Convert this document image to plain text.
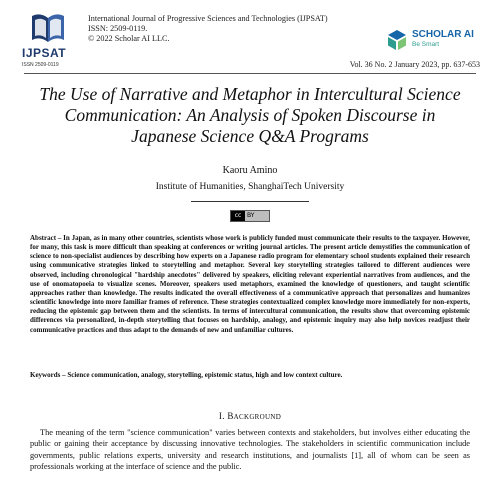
IJPSAT
ISSN 2509-0119
International Journal of Progressive Sciences and Technologies (IJPSAT)
ISSN: 2509-0119.
© 2022 Scholar AI LLC.	SCHOLAR AI
Be Smart
Vol. 36 No. 2 January 2023, pp. 637-653
The Use of Narrative and Metaphor in Intercultural Science Communication: An Analysis of Spoken Discourse in Japanese Science Q&A Programs
Kaoru Amino
Institute of Humanities, ShanghaiTech University
cc BY
Abstract – In Japan, as in many other countries, scientists whose work is publicly funded must communicate their results to the taxpayer. However, for many, this task is more difficult than speaking at conferences or writing journal articles. The present article demystifies the communication of science to non-specialist audiences by describing how experts on a Japanese radio program for elementary school students explained their research using communicative strategies linked to storytelling and metaphor. Several key storytelling strategies tailored to different audiences were observed, including chronological "hardship anecdotes" delivered by speakers, eliciting relevant experiential narratives from audiences, and the use of onomatopoeia to visualize scenes. Moreover, speakers used metaphors, examined the knowledge of questioners, and taught scientific approaches rather than knowledge. The results indicated the overall effectiveness of a communicative approach that personalizes and humanizes scientific knowledge into more familiar frames of reference. These strategies contextualized complex knowledge more immediately for non-experts, reducing the epistemic gap between them and the scientists. In terms of intercultural communication, the results show that overcoming epistemic differences via personalized, in-depth storytelling that focuses on hardship, analogy, and epistemic inquiry may also help novices readjust their communicative practices and thus adapt to the demands of new and unfamiliar cultures.
Keywords – Science communication, analogy, storytelling, epistemic status, high and low context culture.
I. BACKGROUND
The meaning of the term "science communication" varies between contexts and stakeholders, but involves either educating the public or gaining their acceptance by discussing innovative technologies. The stakeholders in scientific communication include governments, public relations experts, university and research institutions, and journalists [1], all of whom can be seen as professionals working at the interface of science and the public.
